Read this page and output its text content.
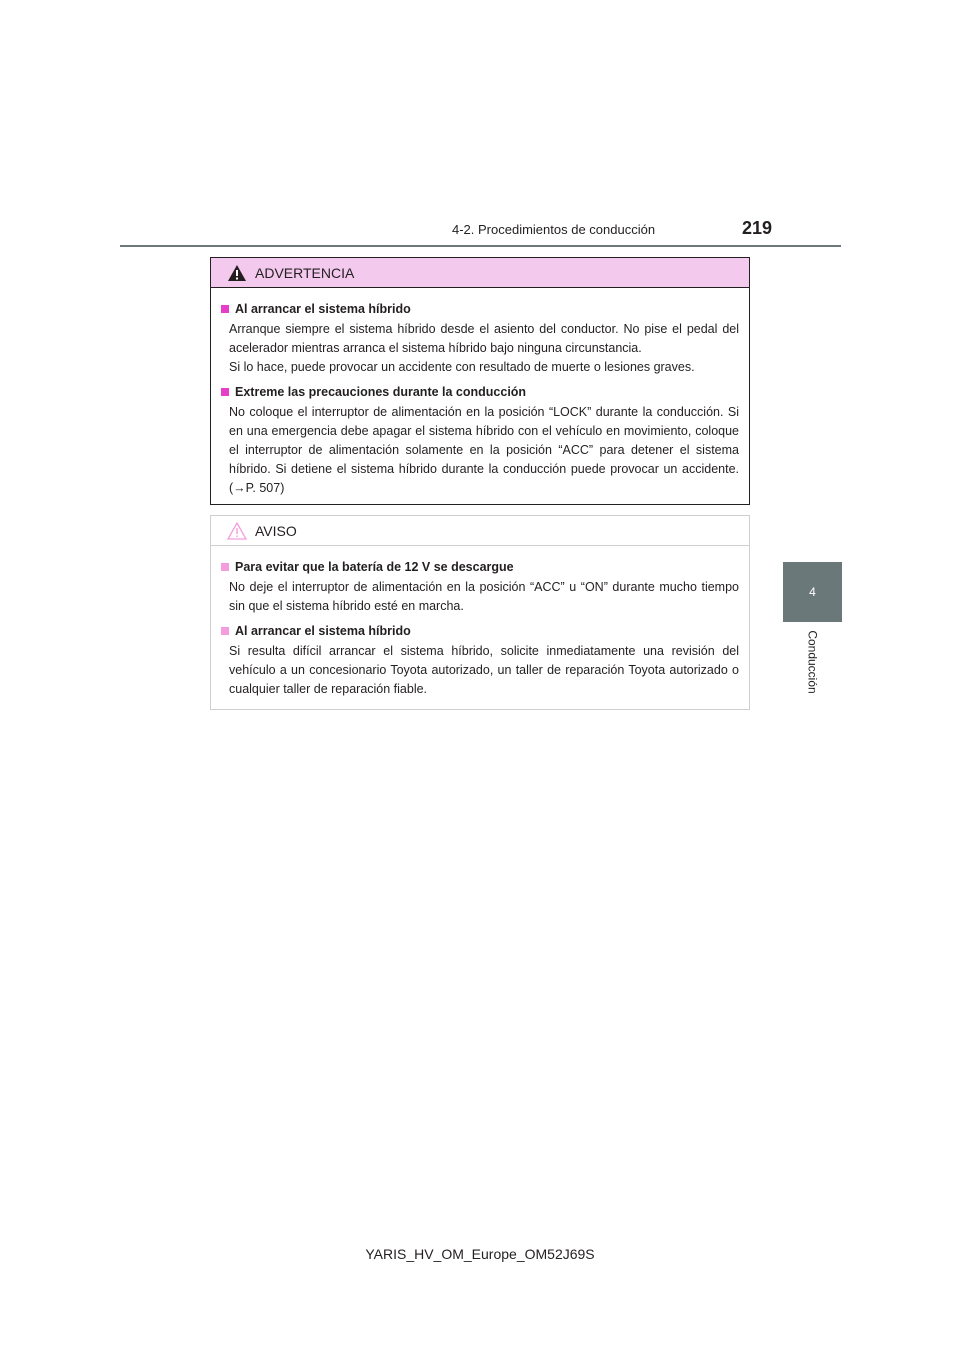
4-2. Procedimientos de conducción	219
4
Conducción
ADVERTENCIA
Al arrancar el sistema híbrido
Arranque siempre el sistema híbrido desde el asiento del conductor. No pise el pedal del acelerador mientras arranca el sistema híbrido bajo ninguna circunstancia.
Si lo hace, puede provocar un accidente con resultado de muerte o lesiones graves.
Extreme las precauciones durante la conducción
No coloque el interruptor de alimentación en la posición “LOCK” durante la conducción. Si en una emergencia debe apagar el sistema híbrido con el vehículo en movimiento, coloque el interruptor de alimentación solamente en la posición “ACC” para detener el sistema híbrido. Si detiene el sistema híbrido durante la conducción puede provocar un accidente. (→P. 507)
AVISO
Para evitar que la batería de 12 V se descargue
No deje el interruptor de alimentación en la posición “ACC” u “ON” durante mucho tiempo sin que el sistema híbrido esté en marcha.
Al arrancar el sistema híbrido
Si resulta difícil arrancar el sistema híbrido, solicite inmediatamente una revisión del vehículo a un concesionario Toyota autorizado, un taller de reparación Toyota autorizado o cualquier taller de reparación fiable.
YARIS_HV_OM_Europe_OM52J69S
